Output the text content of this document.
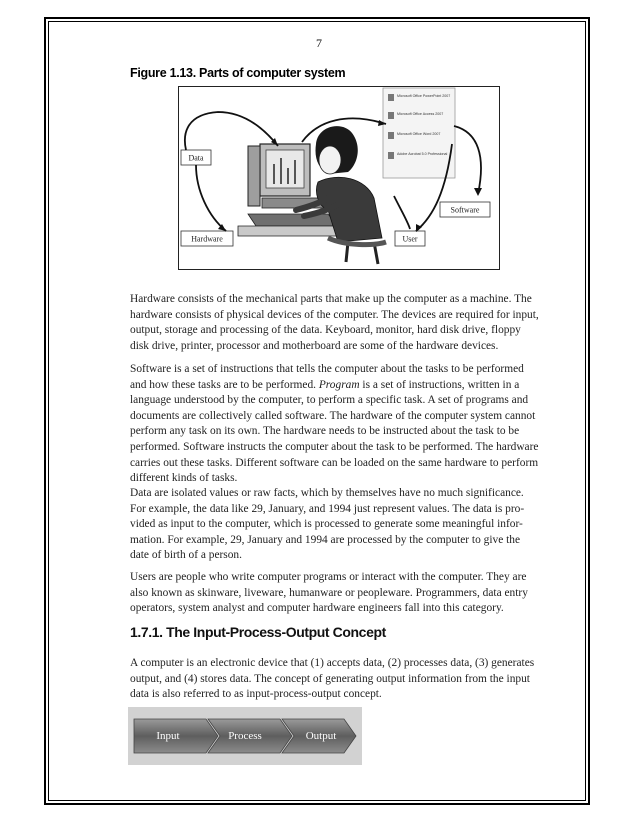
7
Figure 1.13. Parts of computer system
Microsoft Office PowerPoint 2007
Microsoft Office Access 2007
Microsoft Office Word 2007
Adobe Acrobat 5.0 Professional
Data
Hardware
Software
User

Hardware consists of the mechanical parts that make up the computer as a machine. The
hardware consists of physical devices of the computer. The devices are required for input,
output, storage and processing of the data. Keyboard, monitor, hard disk drive, floppy
disk drive, printer, processor and motherboard are some of the hardware devices.

Software is a set of instructions that tells the computer about the tasks to be performed
and how these tasks are to be performed. Program is a set of instructions, written in a
language understood by the computer, to perform a specific task. A set of programs and
documents are collectively called software. The hardware of the computer system cannot
perform any task on its own. The hardware needs to be instructed about the task to be
performed. Software instructs the computer about the task to be performed. The hardware
carries out these tasks. Different software can be loaded on the same hardware to perform
different kinds of tasks.

Data are isolated values or raw facts, which by themselves have no much significance.
For example, the data like 29, January, and 1994 just represent values. The data is pro-
vided as input to the computer, which is processed to generate some meaningful infor-
mation. For example, 29, January and 1994 are processed by the computer to give the
date of birth of a person.

Users are people who write computer programs or interact with the computer. They are
also known as skinware, liveware, humanware or peopleware. Programmers, data entry
operators, system analyst and computer hardware engineers fall into this category.

1.7.1. The Input-Process-Output Concept

A computer is an electronic device that (1) accepts data, (2) processes data, (3) generates
output, and (4) stores data. The concept of generating output information from the input
data is also referred to as input-process-output concept.

Input	Process	Output
